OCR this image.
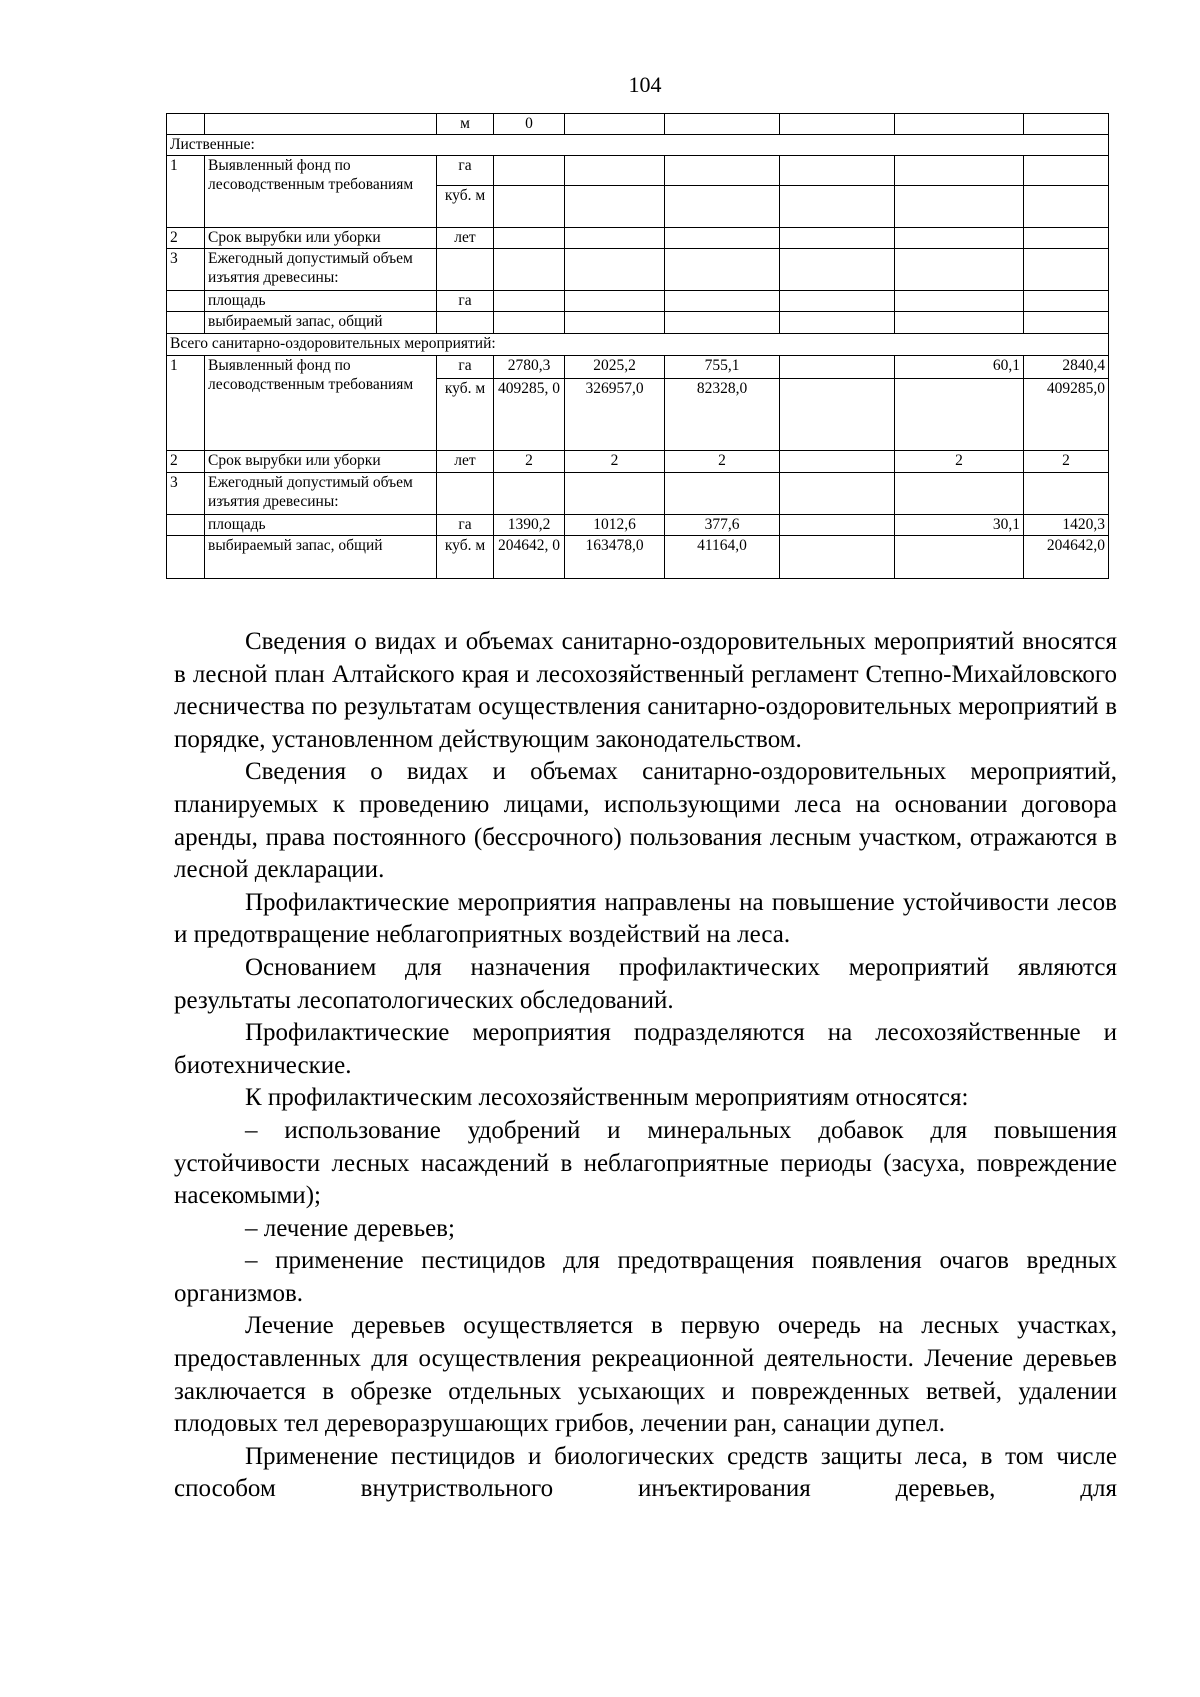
104
		м	0					
Лиственные:								
1	Выявленный фонд по лесоводственным требованиям	га						
		куб. м						
2	Срок вырубки или уборки	лет						
3	Ежегодный допустимый объем изъятия древесины:							
	площадь	га						
	выбираемый запас, общий							
Всего санитарно-оздоровительных мероприятий:								
1	Выявленный фонд по лесоводственным требованиям	га	2780,3	2025,2	755,1		60,1	2840,4
		куб. м	409285, 0	326957,0	82328,0			409285,0
2	Срок вырубки или уборки	лет	2	2	2		2	2
3	Ежегодный допустимый объем изъятия древесины:							
	площадь	га	1390,2	1012,6	377,6		30,1	1420,3
	выбираемый запас, общий	куб. м	204642, 0	163478,0	41164,0			204642,0

Сведения о видах и объемах санитарно-оздоровительных мероприятий вносятся в лесной план Алтайского края и лесохозяйственный регламент Степно-Михайловского лесничества по результатам осуществления санитарно-оздоровительных мероприятий в порядке, установленном действующим законодательством.

Сведения о видах и объемах санитарно-оздоровительных мероприятий, планируемых к проведению лицами, использующими леса на основании договора аренды, права постоянного (бессрочного) пользования лесным участком, отражаются в лесной декларации.

Профилактические мероприятия направлены на повышение устойчивости лесов и предотвращение неблагоприятных воздействий на леса.

Основанием для назначения профилактических мероприятий являются результаты лесопатологических обследований.

Профилактические мероприятия подразделяются на лесохозяйственные и биотехнические.

К профилактическим лесохозяйственным мероприятиям относятся:

– использование удобрений и минеральных добавок для повышения устойчивости лесных насаждений в неблагоприятные периоды (засуха, повреждение насекомыми);

– лечение деревьев;

– применение пестицидов для предотвращения появления очагов вредных организмов.

Лечение деревьев осуществляется в первую очередь на лесных участках, предоставленных для осуществления рекреационной деятельности. Лечение деревьев заключается в обрезке отдельных усыхающих и поврежденных ветвей, удалении плодовых тел дереворазрушающих грибов, лечении ран, санации дупел.

Применение пестицидов и биологических средств защиты леса, в том числе способом внутриствольного инъектирования деревьев, для
